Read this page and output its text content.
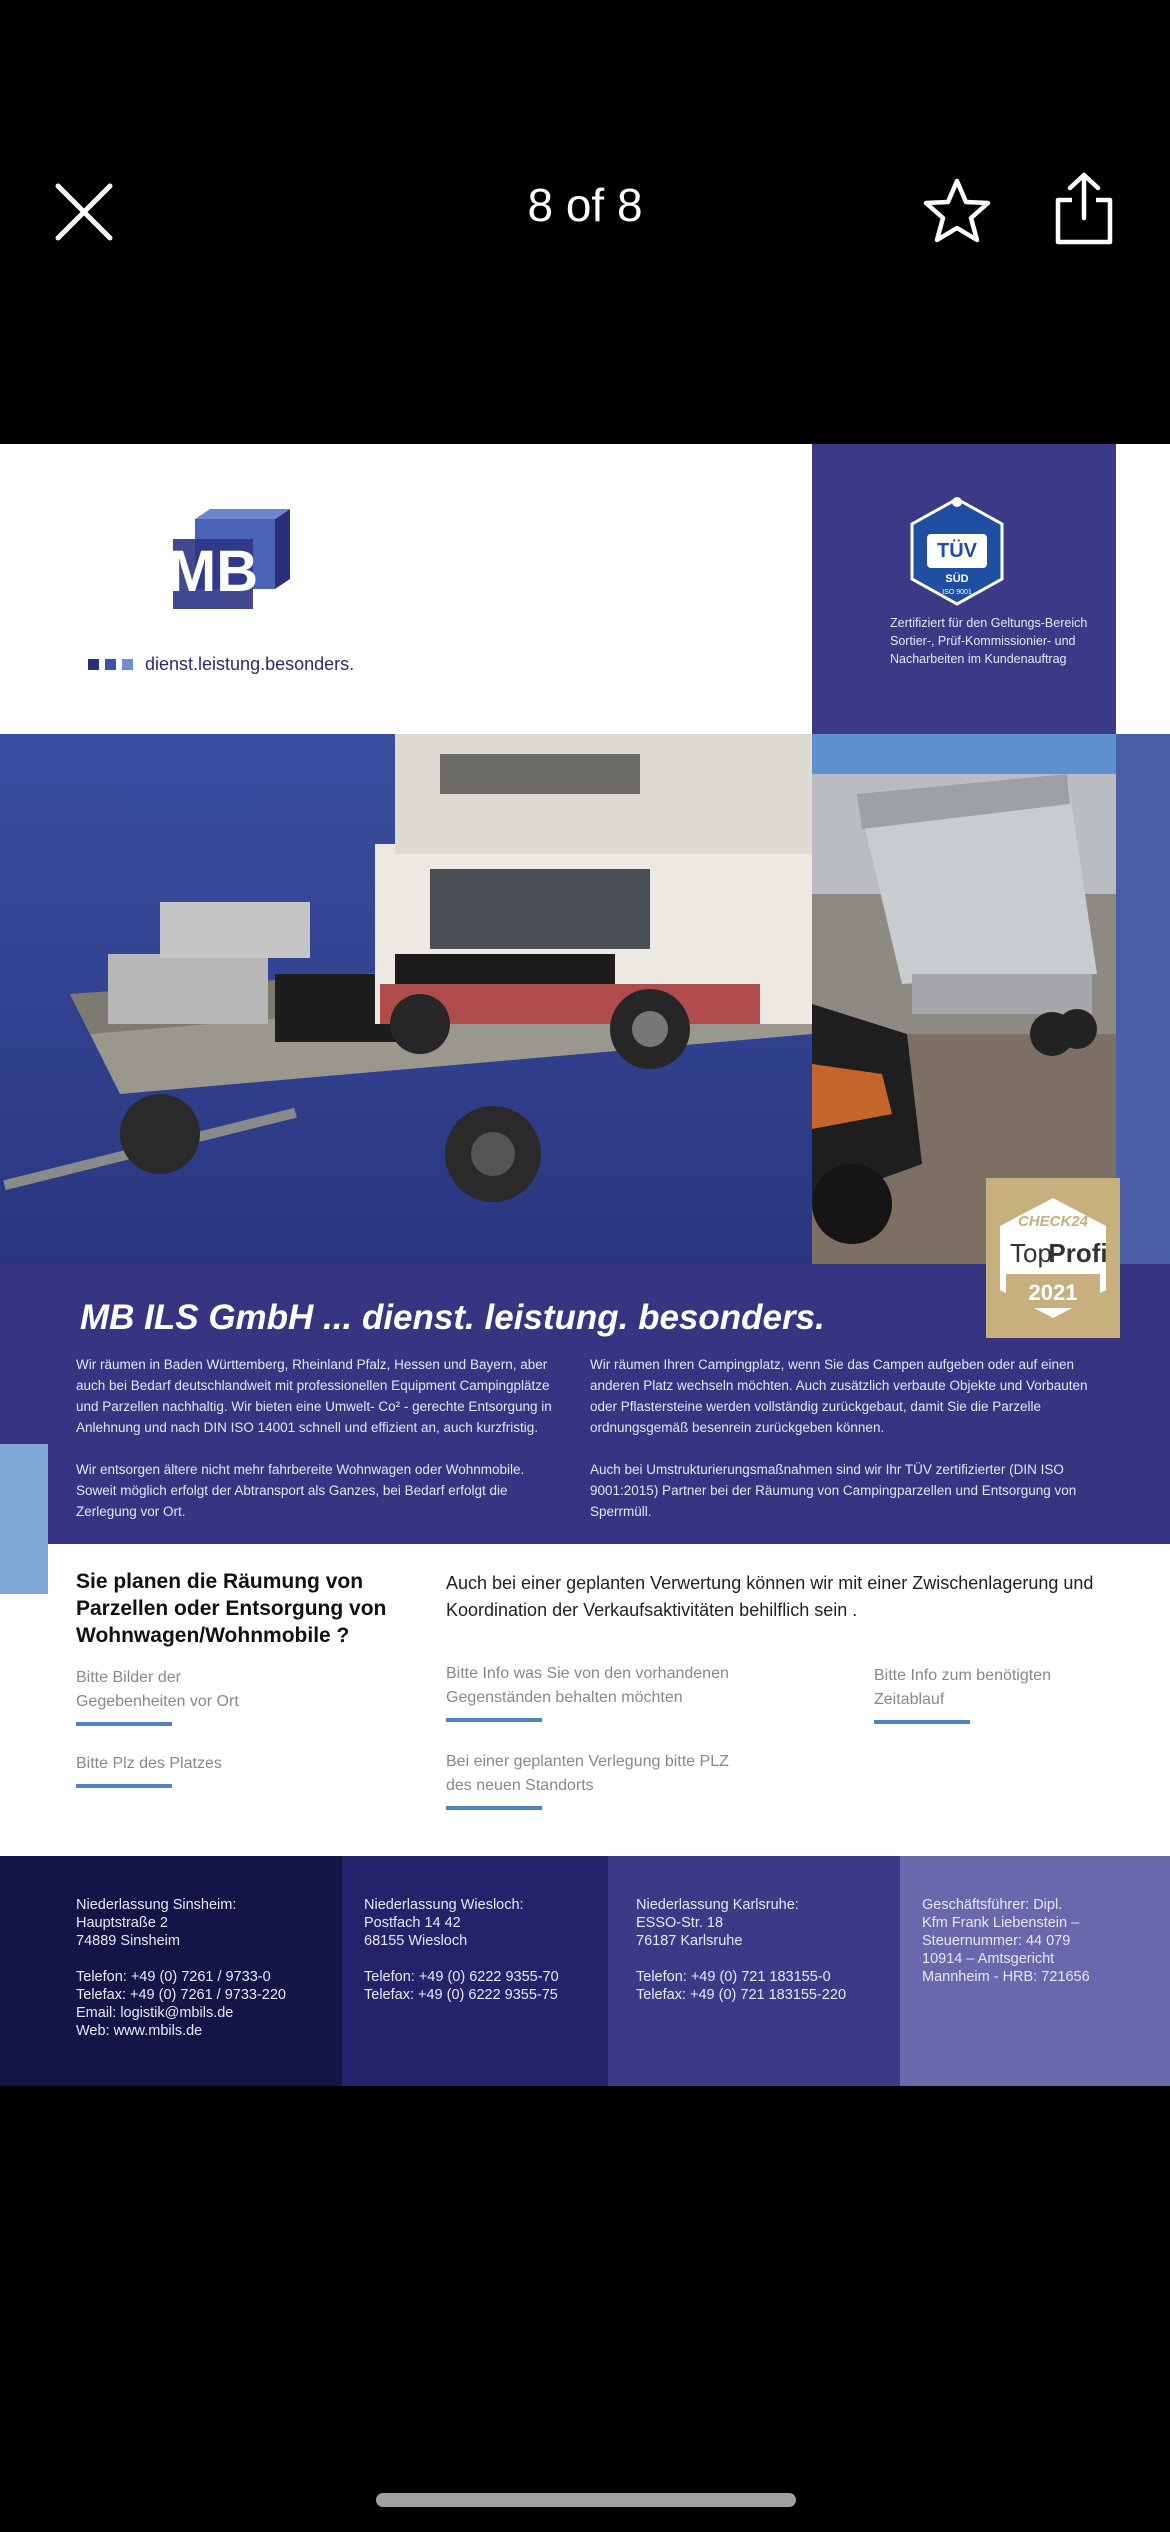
8 of 8
MB
dienst.leistung.besonders.
TÜV
SÜD
ISO 9001
Zertifiziert für den Geltungs-Bereich Sortier-, Prüf-Kommissionier- und Nacharbeiten im Kundenauftrag
CHECK24
Top
Profi
2021
MB ILS GmbH ... dienst. leistung. besonders.
Wir räumen in Baden Württemberg, Rheinland Pfalz, Hessen und Bayern, aber auch bei Bedarf deutschlandweit mit professionellen Equipment Campingplätze und Parzellen nachhaltig. Wir bieten eine Umwelt- Co² - gerechte Entsorgung in Anlehnung und nach DIN ISO 14001 schnell und effizient an, auch kurzfristig.
Wir entsorgen ältere nicht mehr fahrbereite Wohnwagen oder Wohnmobile. Soweit möglich erfolgt der Abtransport als Ganzes, bei Bedarf erfolgt die Zerlegung vor Ort.
Wir räumen Ihren Campingplatz, wenn Sie das Campen aufgeben oder auf einen anderen Platz wechseln möchten. Auch zusätzlich verbaute Objekte und Vorbauten oder Pflastersteine werden vollständig zurückgebaut, damit Sie die Parzelle ordnungsgemäß besenrein zurückgeben können.
Auch bei Umstrukturierungsmaßnahmen sind wir Ihr TÜV zertifizierter (DIN ISO 9001:2015) Partner bei der Räumung von Campingparzellen und Entsorgung von Sperrmüll.
Sie planen die Räumung von Parzellen oder Entsorgung von Wohnwagen/Wohnmobile ?
Auch bei einer geplanten Verwertung können wir mit einer Zwischenlagerung und Koordination der Verkaufsaktivitäten behilflich sein .
Bitte Bilder der Gegebenheiten vor Ort
Bitte Info was Sie von den vorhandenen Gegenständen behalten möchten
Bitte Info zum benötigten Zeitablauf
Bitte Plz des Platzes	Bei einer geplanten Verlegung bitte PLZ des neuen Standorts
Niederlassung Sinsheim:
Hauptstraße 2
74889 Sinsheim

Telefon: +49 (0) 7261 / 9733-0
Telefax: +49 (0) 7261 / 9733-220
Email: logistik@mbils.de
Web: www.mbils.de
Niederlassung Wiesloch:
Postfach 14 42
68155 Wiesloch

Telefon: +49 (0) 6222 9355-70
Telefax: +49 (0) 6222 9355-75
Niederlassung Karlsruhe:
ESSO-Str. 18
76187 Karlsruhe

Telefon: +49 (0) 721 183155-0
Telefax: +49 (0) 721 183155-220
Geschäftsführer: Dipl.
Kfm Frank Liebenstein –
Steuernummer: 44 079
10914 – Amtsgericht
Mannheim - HRB: 721656
